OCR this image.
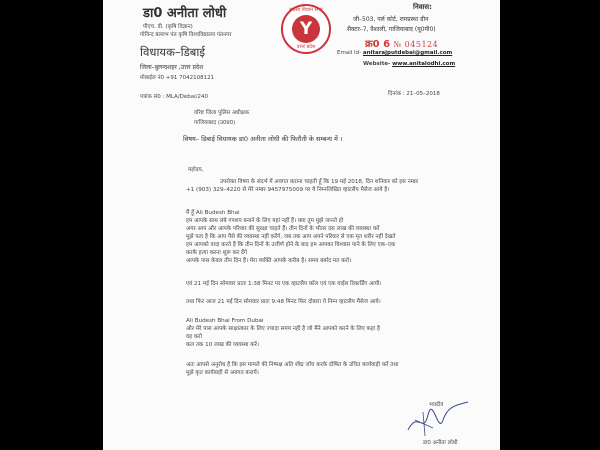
डा0 अनीता लोधी
पीएच. डी. (कृषि विज्ञान)
गोविन्द बल्लभ पंत कृषि विश्वविद्यालय पंतनगर
विधायक–डिबाई
जिला–बुलन्दशहर ,उत्तर प्रदेश
मोबाईल नं0 +91 7042108121
सदस्य विधान सभा
Y
उत्तर प्रदेश
निवास:
जी–503, पर्ल कोर्ट, रामप्रस्था ग्रीन
सैक्टर–7, वैशाली, गाजियाबाद (यू0पी0)
क्र0 6 № 045124
Email Id- anitarajputdebai@gmail.com
Website- www.anitalodhi.com
पत्रांक सं0 : MLA/Debai/240	दिनांक : 21–05–2018
वरिष्ट जिला पुलिस अधीक्षक
गाजियाबाद (उ0प्र0)
विषय– डिबाई विधायक डा0 अनीता लोधी की फिरौती के सम्बन्ध में ।
महोदय,
उपरोक्त विषय के संदर्भ में अवगत कराना चाहती हूँ कि 19 मई 2018, दिन शनिवार को इस नम्बर
+1 (903) 329–4220 से मेरे नम्बर 9457975009 पर ये निम्नलिखित व्हाटसैप मैसेज आये है।
मैं हूँ Ali Budesh Bhai
हम आपके साथ लंबे गपशप बनाने के लिए यहां नहीं हैं। क्या तुम मुझे जानते हो
अगर आप और आपके परिवार की सुरक्षा चाहते हैं। तीन दिनों के भीतर दस लाख की व्यवस्था करें
मुझे पता है कि आप पैसे की व्यवस्था नहीं करेंगे, जब तक आप अपने परिवार से एक मृत शरीर नहीं देखते
हम आपको वादा करते हैं कि तीन दिनों के उत्तीर्ण होने के बाद हम आपका विश्वास पाने के लिए एक–एक
करके हत्या करना शुरू कर देंगे
आपके पास केवल तीन दिन हैं। मेरा व्यक्ति आपके करीब है। समय बर्बाद मत करो।
एवं 21 मई दिन सोमवार प्रातः 1:38 मिनट पर एक व्हाटसैप कॉल एवं एक वाईस रिकार्डिंग आयी।
तथा फिर आज 21 मई दिन सोमवार प्रातः 9:48 मिनट फिर दोबारा ये निम्न व्हाटसैप मैसेज आये।
Ali Budesh Bhai From Dubai
और मेरे पास आपके साक्षात्कार के लिए ज्यादा समय नहीं है जो मैंने आपको करने के लिए कहा है
वह करो
कल तक 10 लाख की व्यवस्था करें।
अतः आपसे अनुरोध है कि इस मामले की निष्पक्ष अति शीघ्र जाँच करके दोषित के उचित कार्यवाही करें तथा
मुझे कृत कार्यवाही से अवगत करायें।
भवदीय
डा0 अनीता लोधी
